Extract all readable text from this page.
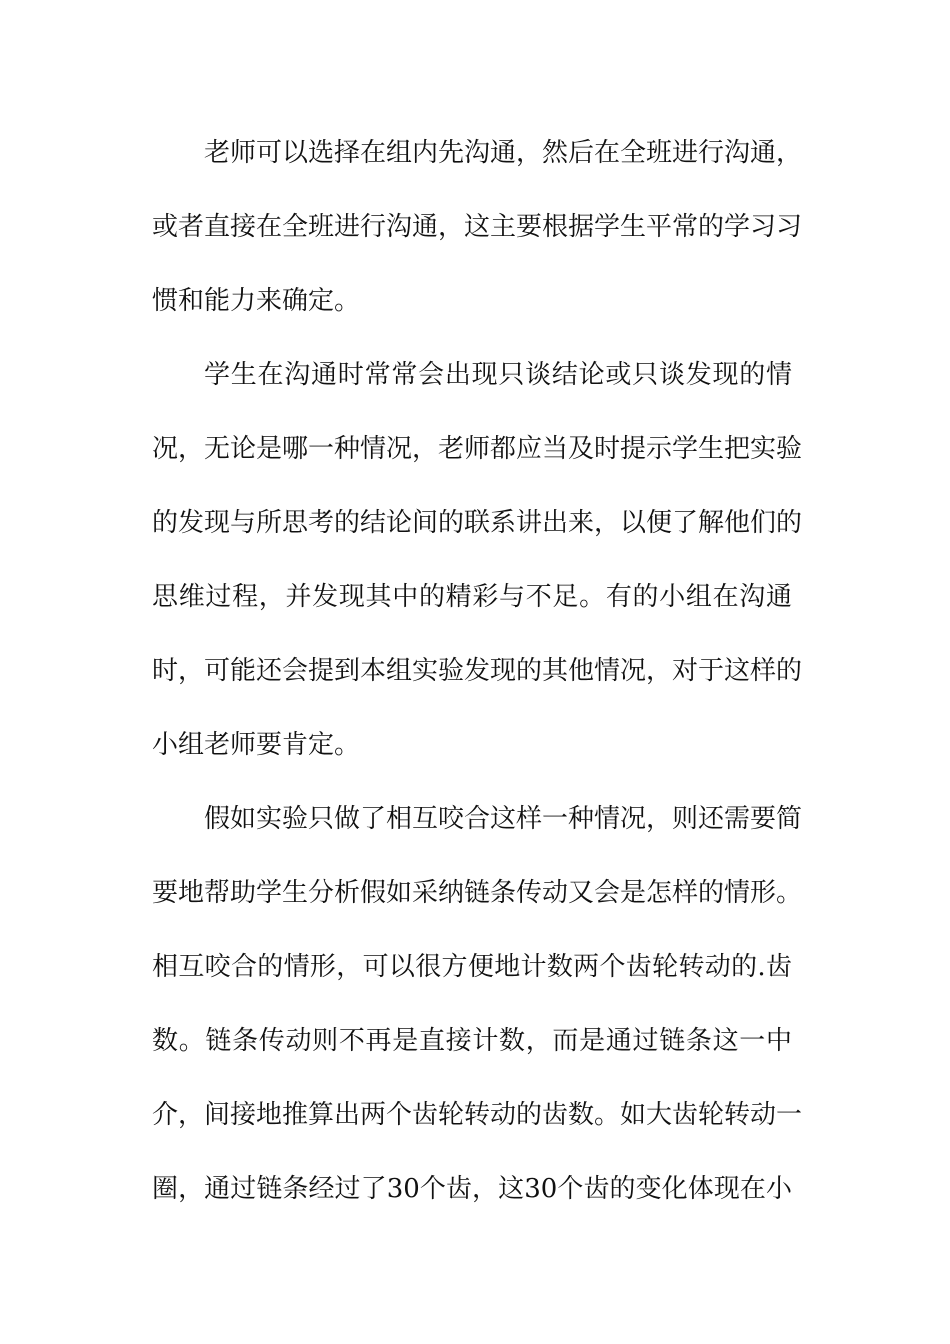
老师可以选择在组内先沟通，然后在全班进行沟通，
或者直接在全班进行沟通，这主要根据学生平常的学习习
惯和能力来确定。
学生在沟通时常常会出现只谈结论或只谈发现的情
况，无论是哪一种情况，老师都应当及时提示学生把实验
的发现与所思考的结论间的联系讲出来，以便了解他们的
思维过程，并发现其中的精彩与不足。有的小组在沟通
时，可能还会提到本组实验发现的其他情况，对于这样的
小组老师要肯定。
假如实验只做了相互咬合这样一种情况，则还需要简
要地帮助学生分析假如采纳链条传动又会是怎样的情形。
相互咬合的情形，可以很方便地计数两个齿轮转动的.齿
数。链条传动则不再是直接计数，而是通过链条这一中
介，间接地推算出两个齿轮转动的齿数。如大齿轮转动一
圈，通过链条经过了30个齿，这30个齿的变化体现在小
